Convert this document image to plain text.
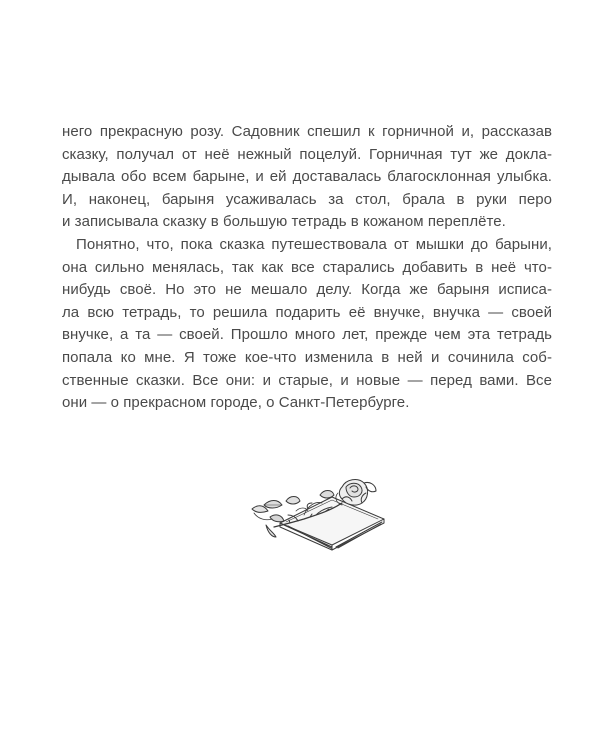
него прекрасную розу. Садовник спешил к горничной и, рассказав
сказку, получал от неё нежный поцелуй. Горничная тут же докла-
дывала обо всем барыне, и ей доставалась благосклонная улыбка.
И, наконец, барыня усаживалась за стол, брала в руки перо
и записывала сказку в большую тетрадь в кожаном переплёте.
Понятно, что, пока сказка путешествовала от мышки до барыни,
она сильно менялась, так как все старались добавить в неё что-
нибудь своё. Но это не мешало делу. Когда же барыня исписа-
ла всю тетрадь, то решила подарить её внучке, внучка — своей
внучке, а та — своей. Прошло много лет, прежде чем эта тетрадь
попала ко мне. Я тоже кое-что изменила в ней и сочинила соб-
ственные сказки. Все они: и старые, и новые — перед вами. Все
они — о прекрасном городе, о Санкт-Петербурге.
